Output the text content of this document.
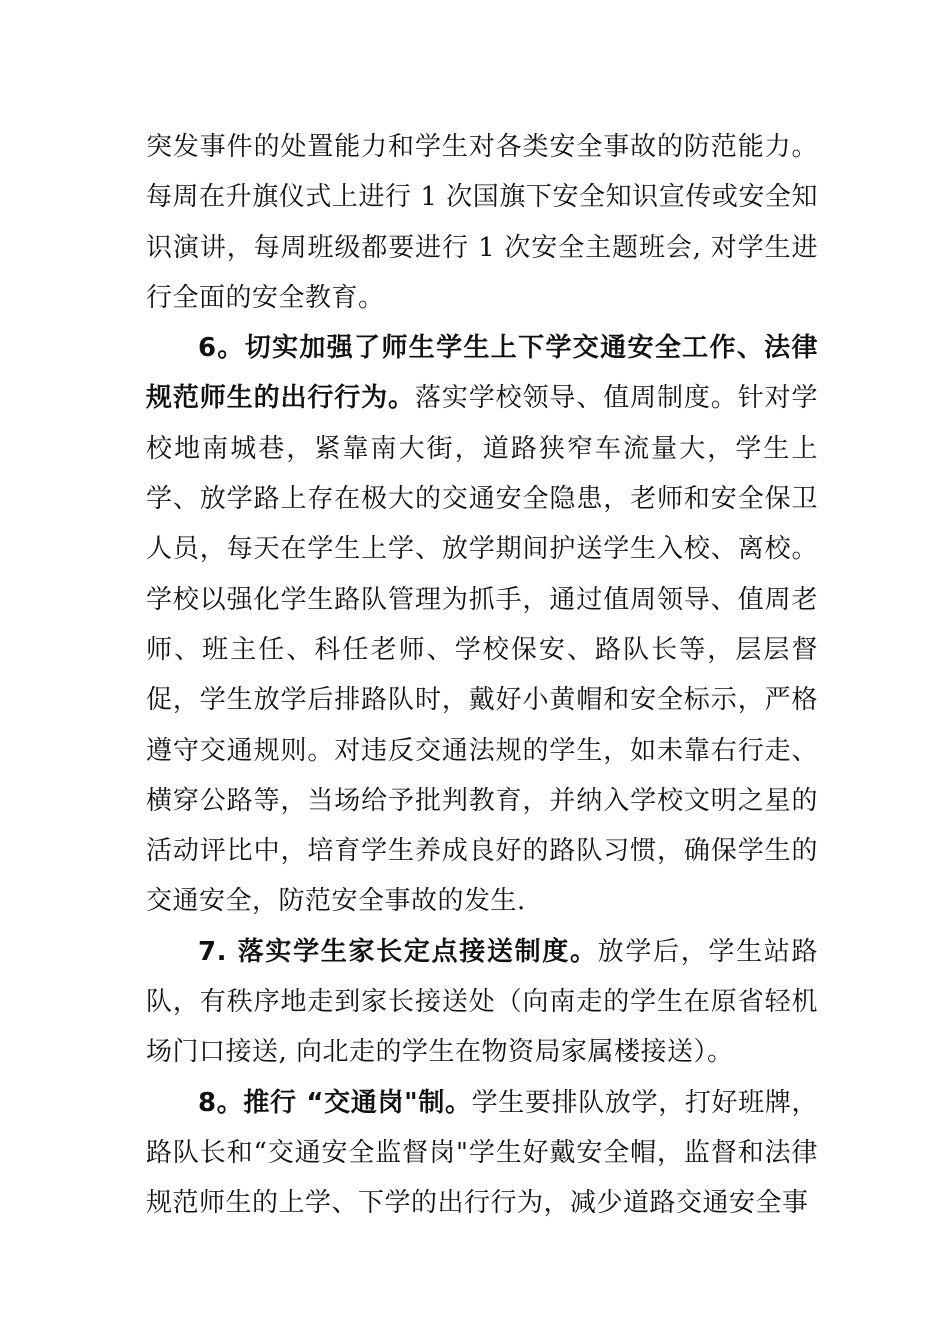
突发事件的处置能力和学生对各类安全事故的防范能力。每周在升旗仪式上进行 1 次国旗下安全知识宣传或安全知识演讲，每周班级都要进行 1 次安全主题班会, 对学生进行全面的安全教育。

6。切实加强了师生学生上下学交通安全工作、法律规范师生的出行行为。落实学校领导、值周制度。针对学校地南城巷，紧靠南大街，道路狭窄车流量大，学生上学、放学路上存在极大的交通安全隐患，老师和安全保卫人员，每天在学生上学、放学期间护送学生入校、离校。学校以强化学生路队管理为抓手，通过值周领导、值周老师、班主任、科任老师、学校保安、路队长等，层层督促，学生放学后排路队时，戴好小黄帽和安全标示，严格遵守交通规则。对违反交通法规的学生，如未靠右行走、横穿公路等，当场给予批判教育，并纳入学校文明之星的活动评比中，培育学生养成良好的路队习惯，确保学生的交通安全，防范安全事故的发生.

7. 落实学生家长定点接送制度。放学后，学生站路队，有秩序地走到家长接送处（向南走的学生在原省轻机场门口接送, 向北走的学生在物资局家属楼接送）。

8。推行 “交通岗"制。学生要排队放学，打好班牌，路队长和“交通安全监督岗"学生好戴安全帽，监督和法律规范师生的上学、下学的出行行为，减少道路交通安全事
